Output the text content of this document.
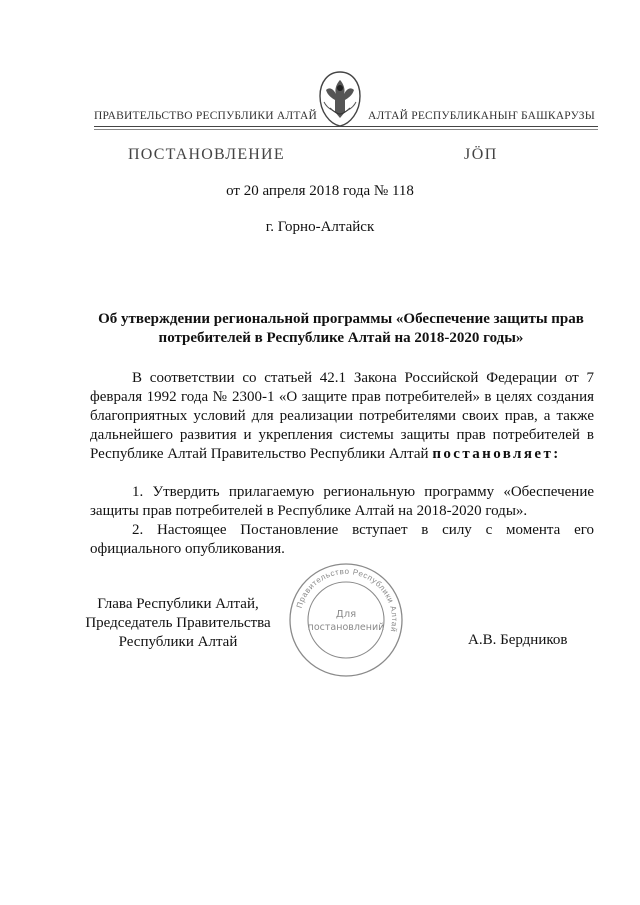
ПРАВИТЕЛЬСТВО РЕСПУБЛИКИ АЛТАЙ	АЛТАЙ РЕСПУБЛИКАНЫҤ БАШКАРУЗЫ
ПОСТАНОВЛЕНИЕ	JӦП
от 20 апреля 2018 года № 118
г. Горно-Алтайск
Об утверждении региональной программы «Обеспечение защиты прав
потребителей в Республике Алтай на 2018-2020 годы»

В соответствии со статьей 42.1 Закона Российской Федерации от 7 февраля 1992 года № 2300-1 «О защите прав потребителей» в целях создания благоприятных условий для реализации потребителями своих прав, а также дальнейшего развития и укрепления системы защиты прав потребителей в Республике Алтай Правительство Республики Алтай постановляет:

1. Утвердить прилагаемую региональную программу «Обеспечение защиты прав потребителей в Республике Алтай на 2018-2020 годы».

2. Настоящее Постановление вступает в силу с момента его официального опубликования.

Глава Республики Алтай,
Председатель Правительства
Республики Алтай
Правительство Республики Алтай
Для
постановлений
А.В. Бердников
